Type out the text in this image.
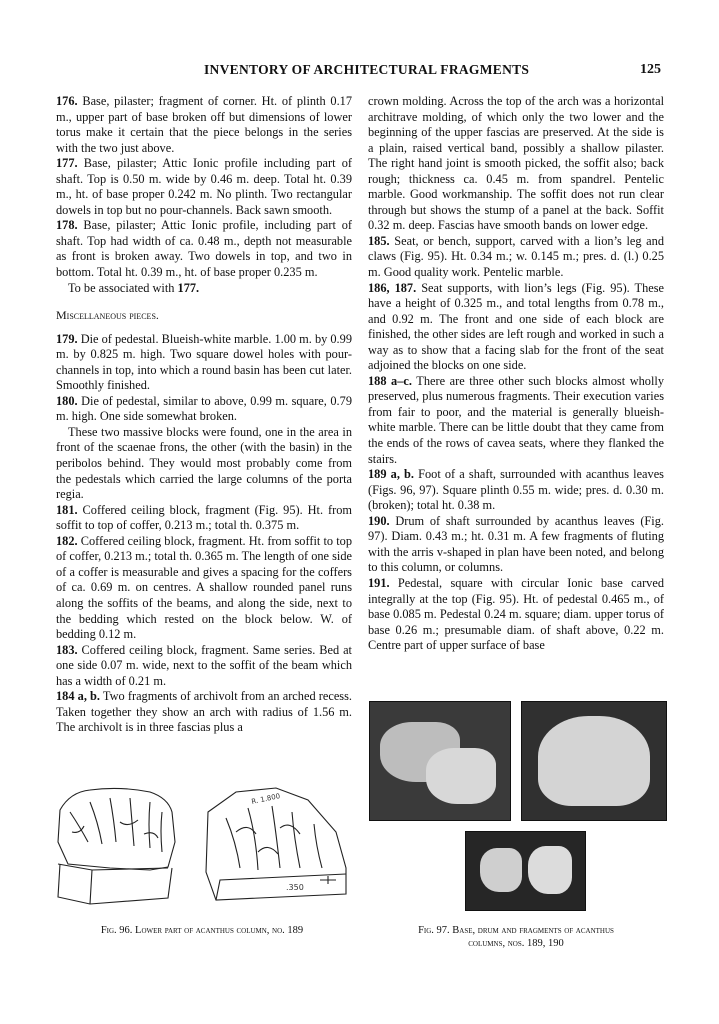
INVENTORY OF ARCHITECTURAL FRAGMENTS	125

176. Base, pilaster; fragment of corner. Ht. of plinth 0.17 m., upper part of base broken off but dimensions of lower torus make it certain that the piece belongs in the series with the two just above.

177. Base, pilaster; Attic Ionic profile including part of shaft. Top is 0.50 m. wide by 0.46 m. deep. Total ht. 0.39 m., ht. of base proper 0.242 m. No plinth. Two rectangular dowels in top but no pour-channels. Back sawn smooth.

178. Base, pilaster; Attic Ionic profile, including part of shaft. Top had width of ca. 0.48 m., depth not measurable as front is broken away. Two dowels in top, and two in bottom. Total ht. 0.39 m., ht. of base proper 0.235 m.

To be associated with 177.

Miscellaneous pieces.

179. Die of pedestal. Blueish-white marble. 1.00 m. by 0.99 m. by 0.825 m. high. Two square dowel holes with pour-channels in top, into which a round basin has been cut later. Smoothly finished.

180. Die of pedestal, similar to above, 0.99 m. square, 0.79 m. high. One side somewhat broken.

These two massive blocks were found, one in the area in front of the scaenae frons, the other (with the basin) in the peribolos behind. They would most probably come from the pedestals which carried the large columns of the porta regia.

181. Coffered ceiling block, fragment (Fig. 95). Ht. from soffit to top of coffer, 0.213 m.; total th. 0.375 m.

182. Coffered ceiling block, fragment. Ht. from soffit to top of coffer, 0.213 m.; total th. 0.365 m. The length of one side of a coffer is measurable and gives a spacing for the coffers of ca. 0.69 m. on centres. A shallow rounded panel runs along the soffits of the beams, and along the side, next to the bedding which rested on the block below. W. of bedding 0.12 m.

183. Coffered ceiling block, fragment. Same series. Bed at one side 0.07 m. wide, next to the soffit of the beam which has a width of 0.21 m.

184 a, b. Two fragments of archivolt from an arched recess. Taken together they show an arch with radius of 1.56 m. The archivolt is in three fascias plus a

crown molding. Across the top of the arch was a horizontal architrave molding, of which only the two lower and the beginning of the upper fascias are preserved. At the side is a plain, raised vertical band, possibly a shallow pilaster. The right hand joint is smooth picked, the soffit also; back rough; thickness ca. 0.45 m. from spandrel. Pentelic marble. Good workmanship. The soffit does not run clear through but shows the stump of a panel at the back. Soffit 0.32 m. deep. Fascias have smooth bands on lower edge.

185. Seat, or bench, support, carved with a lion’s leg and claws (Fig. 95). Ht. 0.34 m.; w. 0.145 m.; pres. d. (l.) 0.25 m. Good quality work. Pentelic marble.

186, 187. Seat supports, with lion’s legs (Fig. 95). These have a height of 0.325 m., and total lengths from 0.78 m., and 0.92 m. The front and one side of each block are finished, the other sides are left rough and worked in such a way as to show that a facing slab for the front of the seat adjoined the blocks on one side.

188 a–c. There are three other such blocks almost wholly preserved, plus numerous fragments. Their execution varies from fair to poor, and the material is generally blueish-white marble. There can be little doubt that they came from the ends of the rows of cavea seats, where they flanked the stairs.

189 a, b. Foot of a shaft, surrounded with acanthus leaves (Figs. 96, 97). Square plinth 0.55 m. wide; pres. d. 0.30 m. (broken); total ht. 0.38 m.

190. Drum of shaft surrounded by acanthus leaves (Fig. 97). Diam. 0.43 m.; ht. 0.31 m. A few fragments of fluting with the arris v-shaped in plan have been noted, and belong to this column, or columns.

191. Pedestal, square with circular Ionic base carved integrally at the top (Fig. 95). Ht. of pedestal 0.465 m., of base 0.085 m. Pedestal 0.24 m. square; diam. upper torus of base 0.26 m.; presumable diam. of shaft above, 0.22 m. Centre part of upper surface of base

R. 1.800
.350
Fig. 96. Lower part of acanthus column, no. 189	Fig. 97. Base, drum and fragments of acanthus
columns, nos. 189, 190
